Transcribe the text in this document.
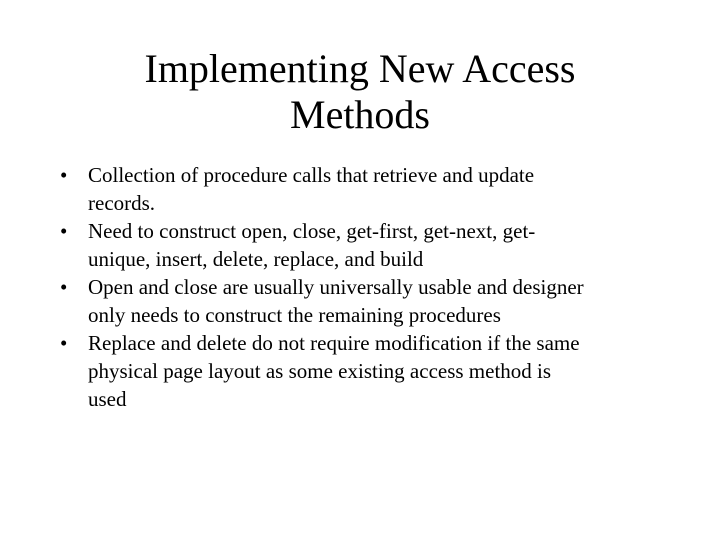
Implementing New Access
Methods
• Collection of procedure calls that retrieve and update
records.
• Need to construct open, close, get-first, get-next, get-
unique, insert, delete, replace, and build
• Open and close are usually universally usable and designer
only needs to construct the remaining procedures
• Replace and delete do not require modification if the same
physical page layout as some existing access method is
used
